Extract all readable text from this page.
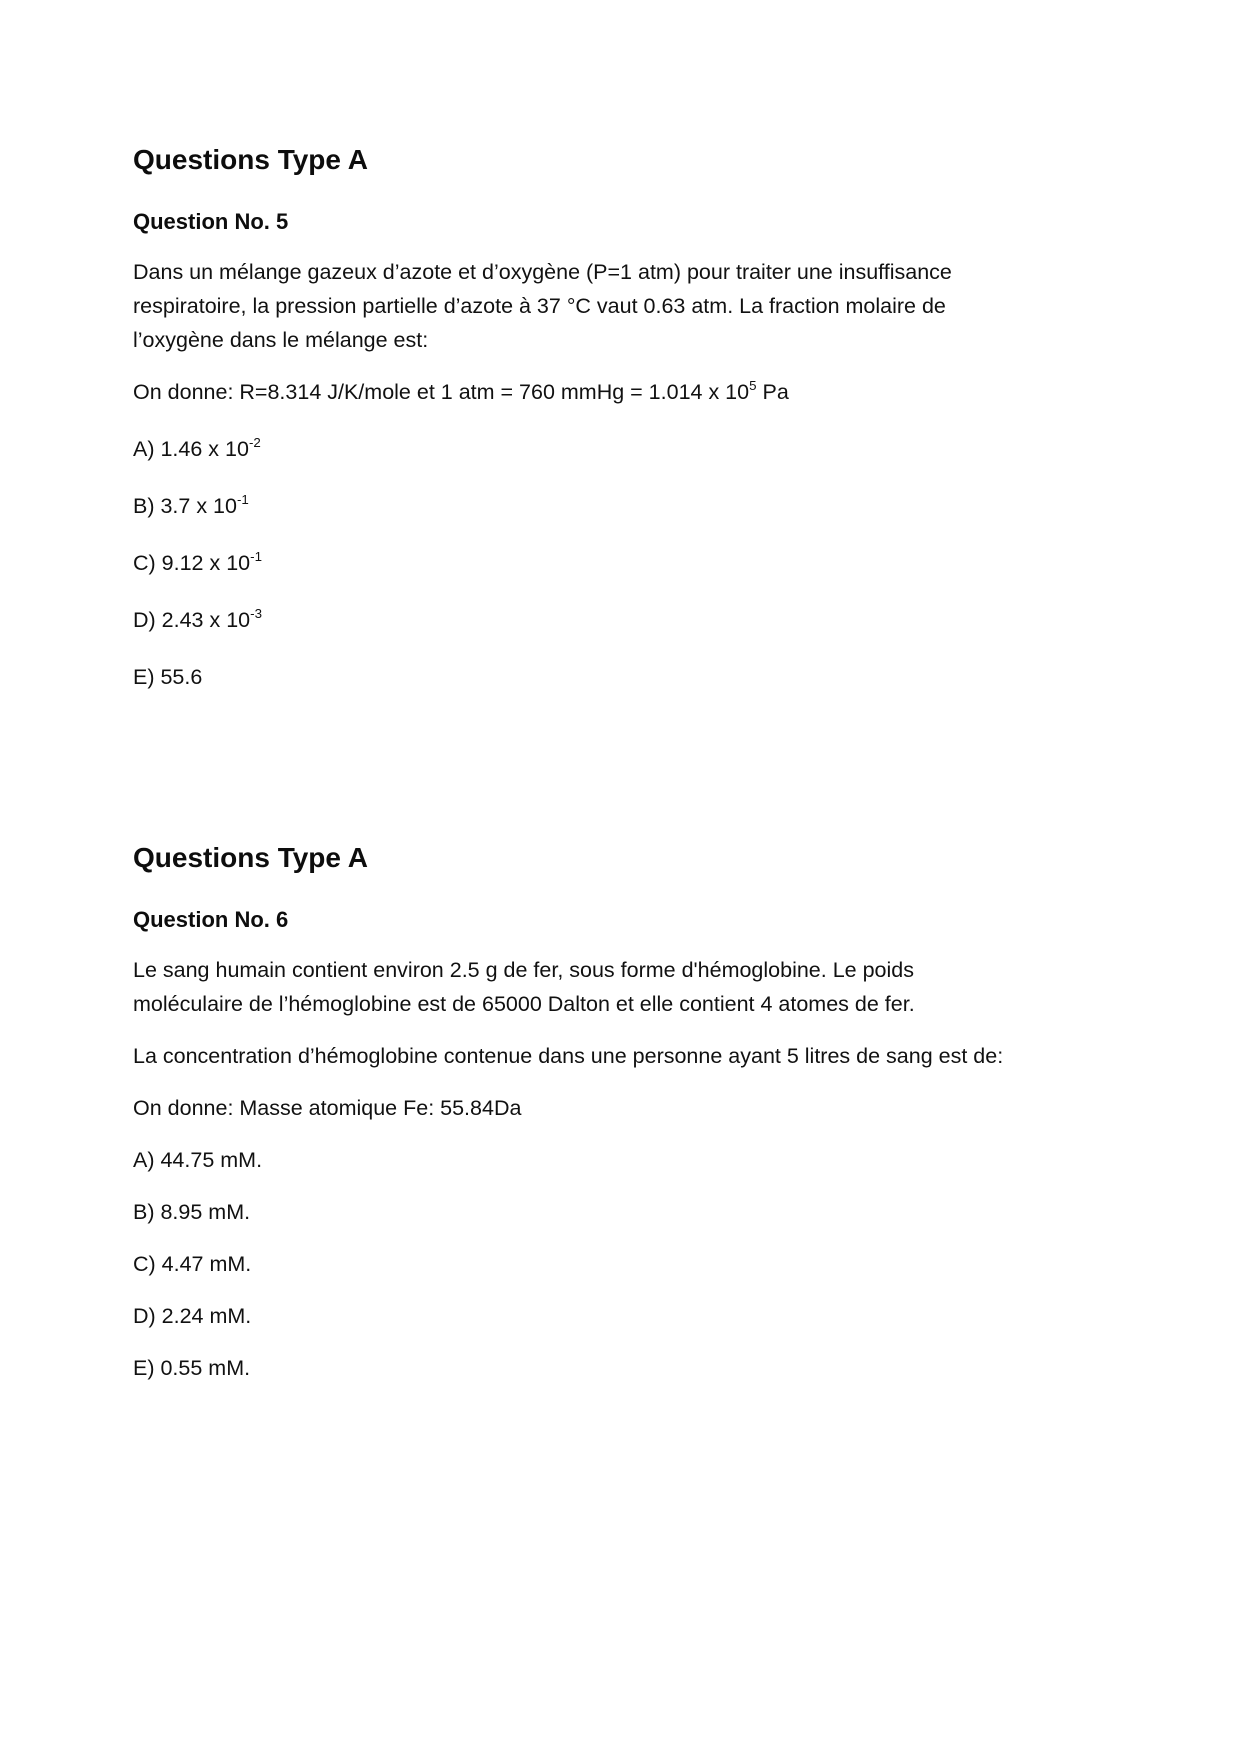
Questions Type A
Question No. 5

Dans un mélange gazeux d’azote et d’oxygène (P=1 atm) pour traiter une insuffisance
respiratoire, la pression partielle d’azote à 37 °C vaut 0.63 atm. La fraction molaire de
l’oxygène dans le mélange est:

On donne: R=8.314 J/K/mole et 1 atm = 760 mmHg = 1.014 x $10^5$ Pa

A) 1.46 x $10^{-2}$

B) 3.7 x $10^{-1}$

C) 9.12 x $10^{-1}$

D) 2.43 x $10^{-3}$

E) 55.6

Questions Type A
Question No. 6

Le sang humain contient environ 2.5 g de fer, sous forme d'hémoglobine. Le poids
moléculaire de l’hémoglobine est de 65000 Dalton et elle contient 4 atomes de fer.

La concentration d’hémoglobine contenue dans une personne ayant 5 litres de sang est de:

On donne: Masse atomique Fe: 55.84Da

A) 44.75 mM.

B) 8.95 mM.

C) 4.47 mM.

D) 2.24 mM.

E) 0.55 mM.
